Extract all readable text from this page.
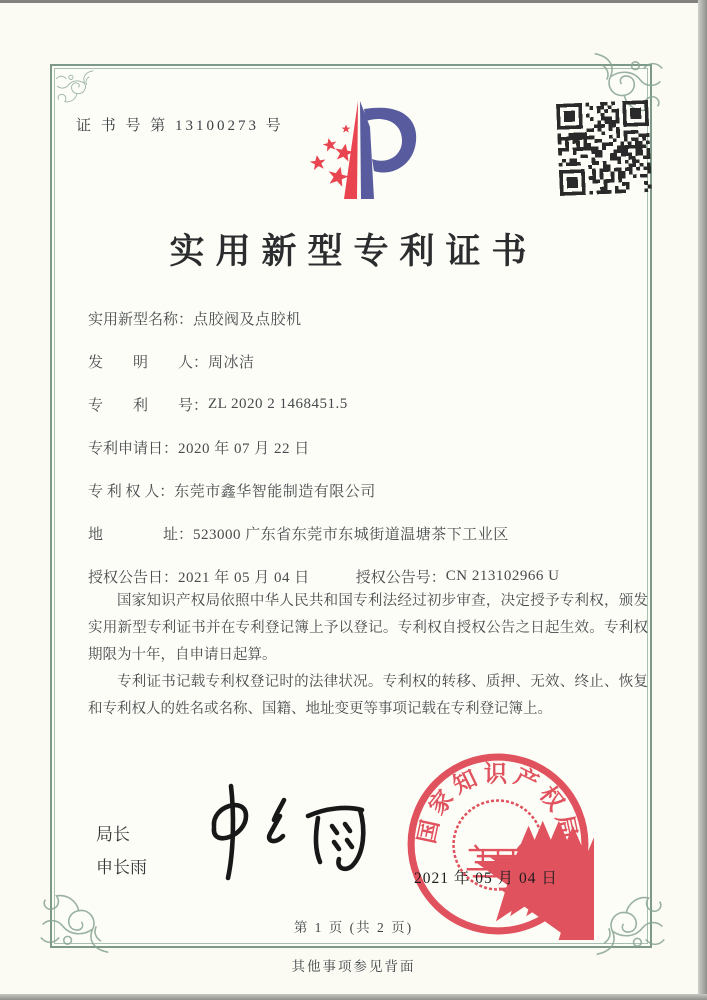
证 书 号 第 13100273 号
实用新型专利证书
实用新型名称： 点胶阀及点胶机
发　　明　　人： 周冰洁
专　　利　　号： ZL 2020 2 1468451.5
专利申请日： 2020 年 07 月 22 日
专 利 权 人： 东莞市鑫华智能制造有限公司
地　　　　址： 523000 广东省东莞市东城街道温塘茶下工业区
授权公告日： 2021 年 05 月 04 日	授权公告号： CN 213102966 U

国家知识产权局依照中华人民共和国专利法经过初步审查，决定授予专利权，颁发实用新型专利证书并在专利登记簿上予以登记。专利权自授权公告之日起生效。专利权期限为十年，自申请日起算。

专利证书记载专利权登记时的法律状况。专利权的转移、质押、无效、终止、恢复和专利权人的姓名或名称、国籍、地址变更等事项记载在专利登记簿上。

局长
申长雨
国家知识产权局
2021 年 05 月 04 日
第 1 页 (共 2 页)
其他事项参见背面
